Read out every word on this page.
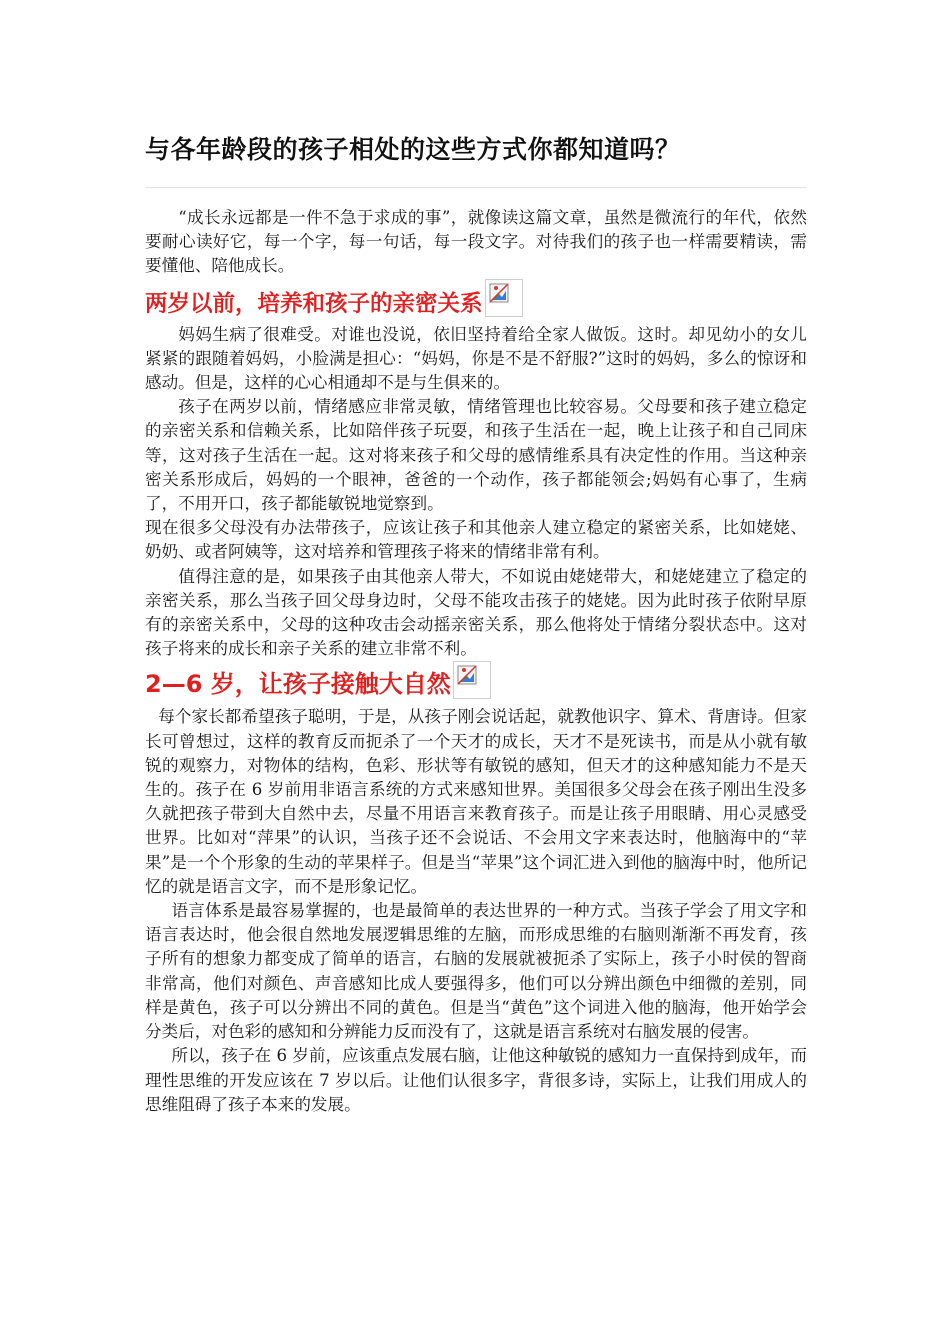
与各年龄段的孩子相处的这些方式你都知道吗？

“成长永远都是一件不急于求成的事”，就像读这篇文章，虽然是微流行的年代，依然要耐心读好它，每一个字，每一句话，每一段文字。对待我们的孩子也一样需要精读，需要懂他、陪他成长。

两岁以前，培养和孩子的亲密关系

妈妈生病了很难受。对谁也没说，依旧坚持着给全家人做饭。这时。却见幼小的女儿紧紧的跟随着妈妈，小脸满是担心：“妈妈，你是不是不舒服?”这时的妈妈，多么的惊讶和感动。但是，这样的心心相通却不是与生俱来的。

孩子在两岁以前，情绪感应非常灵敏，情绪管理也比较容易。父母要和孩子建立稳定的亲密关系和信赖关系，比如陪伴孩子玩耍，和孩子生活在一起，晚上让孩子和自己同床等，这对孩子生活在一起。这对将来孩子和父母的感情维系具有决定性的作用。当这种亲密关系形成后，妈妈的一个眼神，爸爸的一个动作，孩子都能领会;妈妈有心事了，生病了，不用开口，孩子都能敏锐地觉察到。

现在很多父母没有办法带孩子，应该让孩子和其他亲人建立稳定的紧密关系，比如姥姥、奶奶、或者阿姨等，这对培养和管理孩子将来的情绪非常有利。

值得注意的是，如果孩子由其他亲人带大，不如说由姥姥带大，和姥姥建立了稳定的亲密关系，那么当孩子回父母身边时，父母不能攻击孩子的姥姥。因为此时孩子依附早原有的亲密关系中，父母的这种攻击会动摇亲密关系，那么他将处于情绪分裂状态中。这对孩子将来的成长和亲子关系的建立非常不利。

2—6 岁，让孩子接触大自然

每个家长都希望孩子聪明，于是，从孩子刚会说话起，就教他识字、算术、背唐诗。但家长可曾想过，这样的教育反而扼杀了一个天才的成长，天才不是死读书，而是从小就有敏锐的观察力，对物体的结构，色彩、形状等有敏锐的感知，但天才的这种感知能力不是天生的。孩子在 6 岁前用非语言系统的方式来感知世界。美国很多父母会在孩子刚出生没多久就把孩子带到大自然中去，尽量不用语言来教育孩子。而是让孩子用眼睛、用心灵感受世界。比如对“萍果”的认识，当孩子还不会说话、不会用文字来表达时，他脑海中的“苹果”是一个个形象的生动的苹果样子。但是当“苹果”这个词汇进入到他的脑海中时，他所记忆的就是语言文字，而不是形象记忆。

语言体系是最容易掌握的，也是最简单的表达世界的一种方式。当孩子学会了用文字和语言表达时，他会很自然地发展逻辑思维的左脑，而形成思维的右脑则渐渐不再发育，孩子所有的想象力都变成了简单的语言，右脑的发展就被扼杀了实际上，孩子小时侯的智商非常高，他们对颜色、声音感知比成人要强得多，他们可以分辨出颜色中细微的差别，同样是黄色，孩子可以分辨出不同的黄色。但是当“黄色”这个词进入他的脑海，他开始学会分类后，对色彩的感知和分辨能力反而没有了，这就是语言系统对右脑发展的侵害。

所以，孩子在 6 岁前，应该重点发展右脑，让他这种敏锐的感知力一直保持到成年，而理性思维的开发应该在 7 岁以后。让他们认很多字，背很多诗，实际上，让我们用成人的思维阻碍了孩子本来的发展。
